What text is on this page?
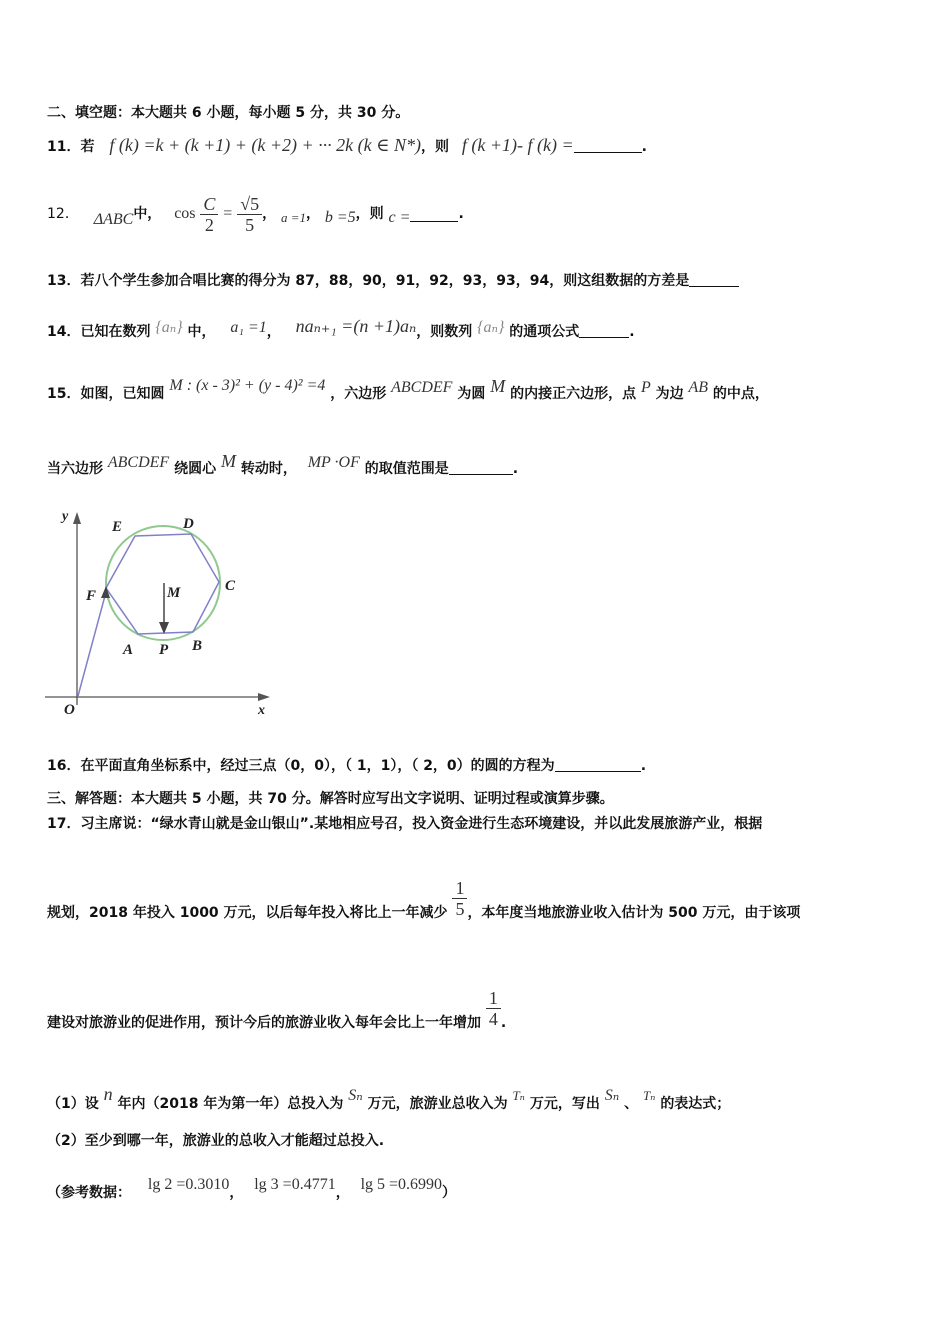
二、填空题：本大题共 6 小题，每小题 5 分，共 30 分。
11．若 f (k) =k + (k +1) + (k +2) + ··· 2k (k ∈ N*)，则 f (k +1)- f (k) =	.
12． ΔABC中， $\cos \frac{C}{2} = \frac{√5}{5}$ ， a =1， b =5，则 c =	.
13．若八个学生参加合唱比赛的得分为 87，88，90，91，92，93，93，94，则这组数据的方差是
14．已知在数列 {aₙ} 中， a₁ =1， naₙ₊₁ =(n +1)aₙ，则数列 {aₙ} 的通项公式	.
15．如图，已知圆 M : (x - 3)² + (y - 4)² =4 ，六边形 ABCDEF 为圆 M 的内接正六边形，点 P 为边 AB 的中点，
当六边形 ABCDEF 绕圆心 M 转动时， MP ·OF 的取值范围是	.
y
x
O
E	D
C
F	M
A P B
16．在平面直角坐标系中，经过三点（0，0），（ 1，1），（ 2，0）的圆的方程为	.
三、解答题：本大题共 5 小题，共 70 分。解答时应写出文字说明、证明过程或演算步骤。
17．习主席说：“绿水青山就是金山银山”.某地相应号召，投入资金进行生态环境建设，并以此发展旅游产业，根据
规划，2018 年投入 1000 万元，以后每年投入将比上一年减少 $\frac{1}{5}$ ，本年度当地旅游业收入估计为 500 万元，由于该项
建设对旅游业的促进作用，预计今后的旅游业收入每年会比上一年增加 $\frac{1}{4}$ .
（1）设 n 年内（2018 年为第一年）总投入为 Sₙ 万元，旅游业总收入为 Tₙ 万元，写出 Sₙ 、 Tₙ 的表达式；
（2）至少到哪一年，旅游业的总收入才能超过总投入.
（参考数据： lg 2 =0.3010， lg 3 =0.4771， lg 5 =0.6990）
